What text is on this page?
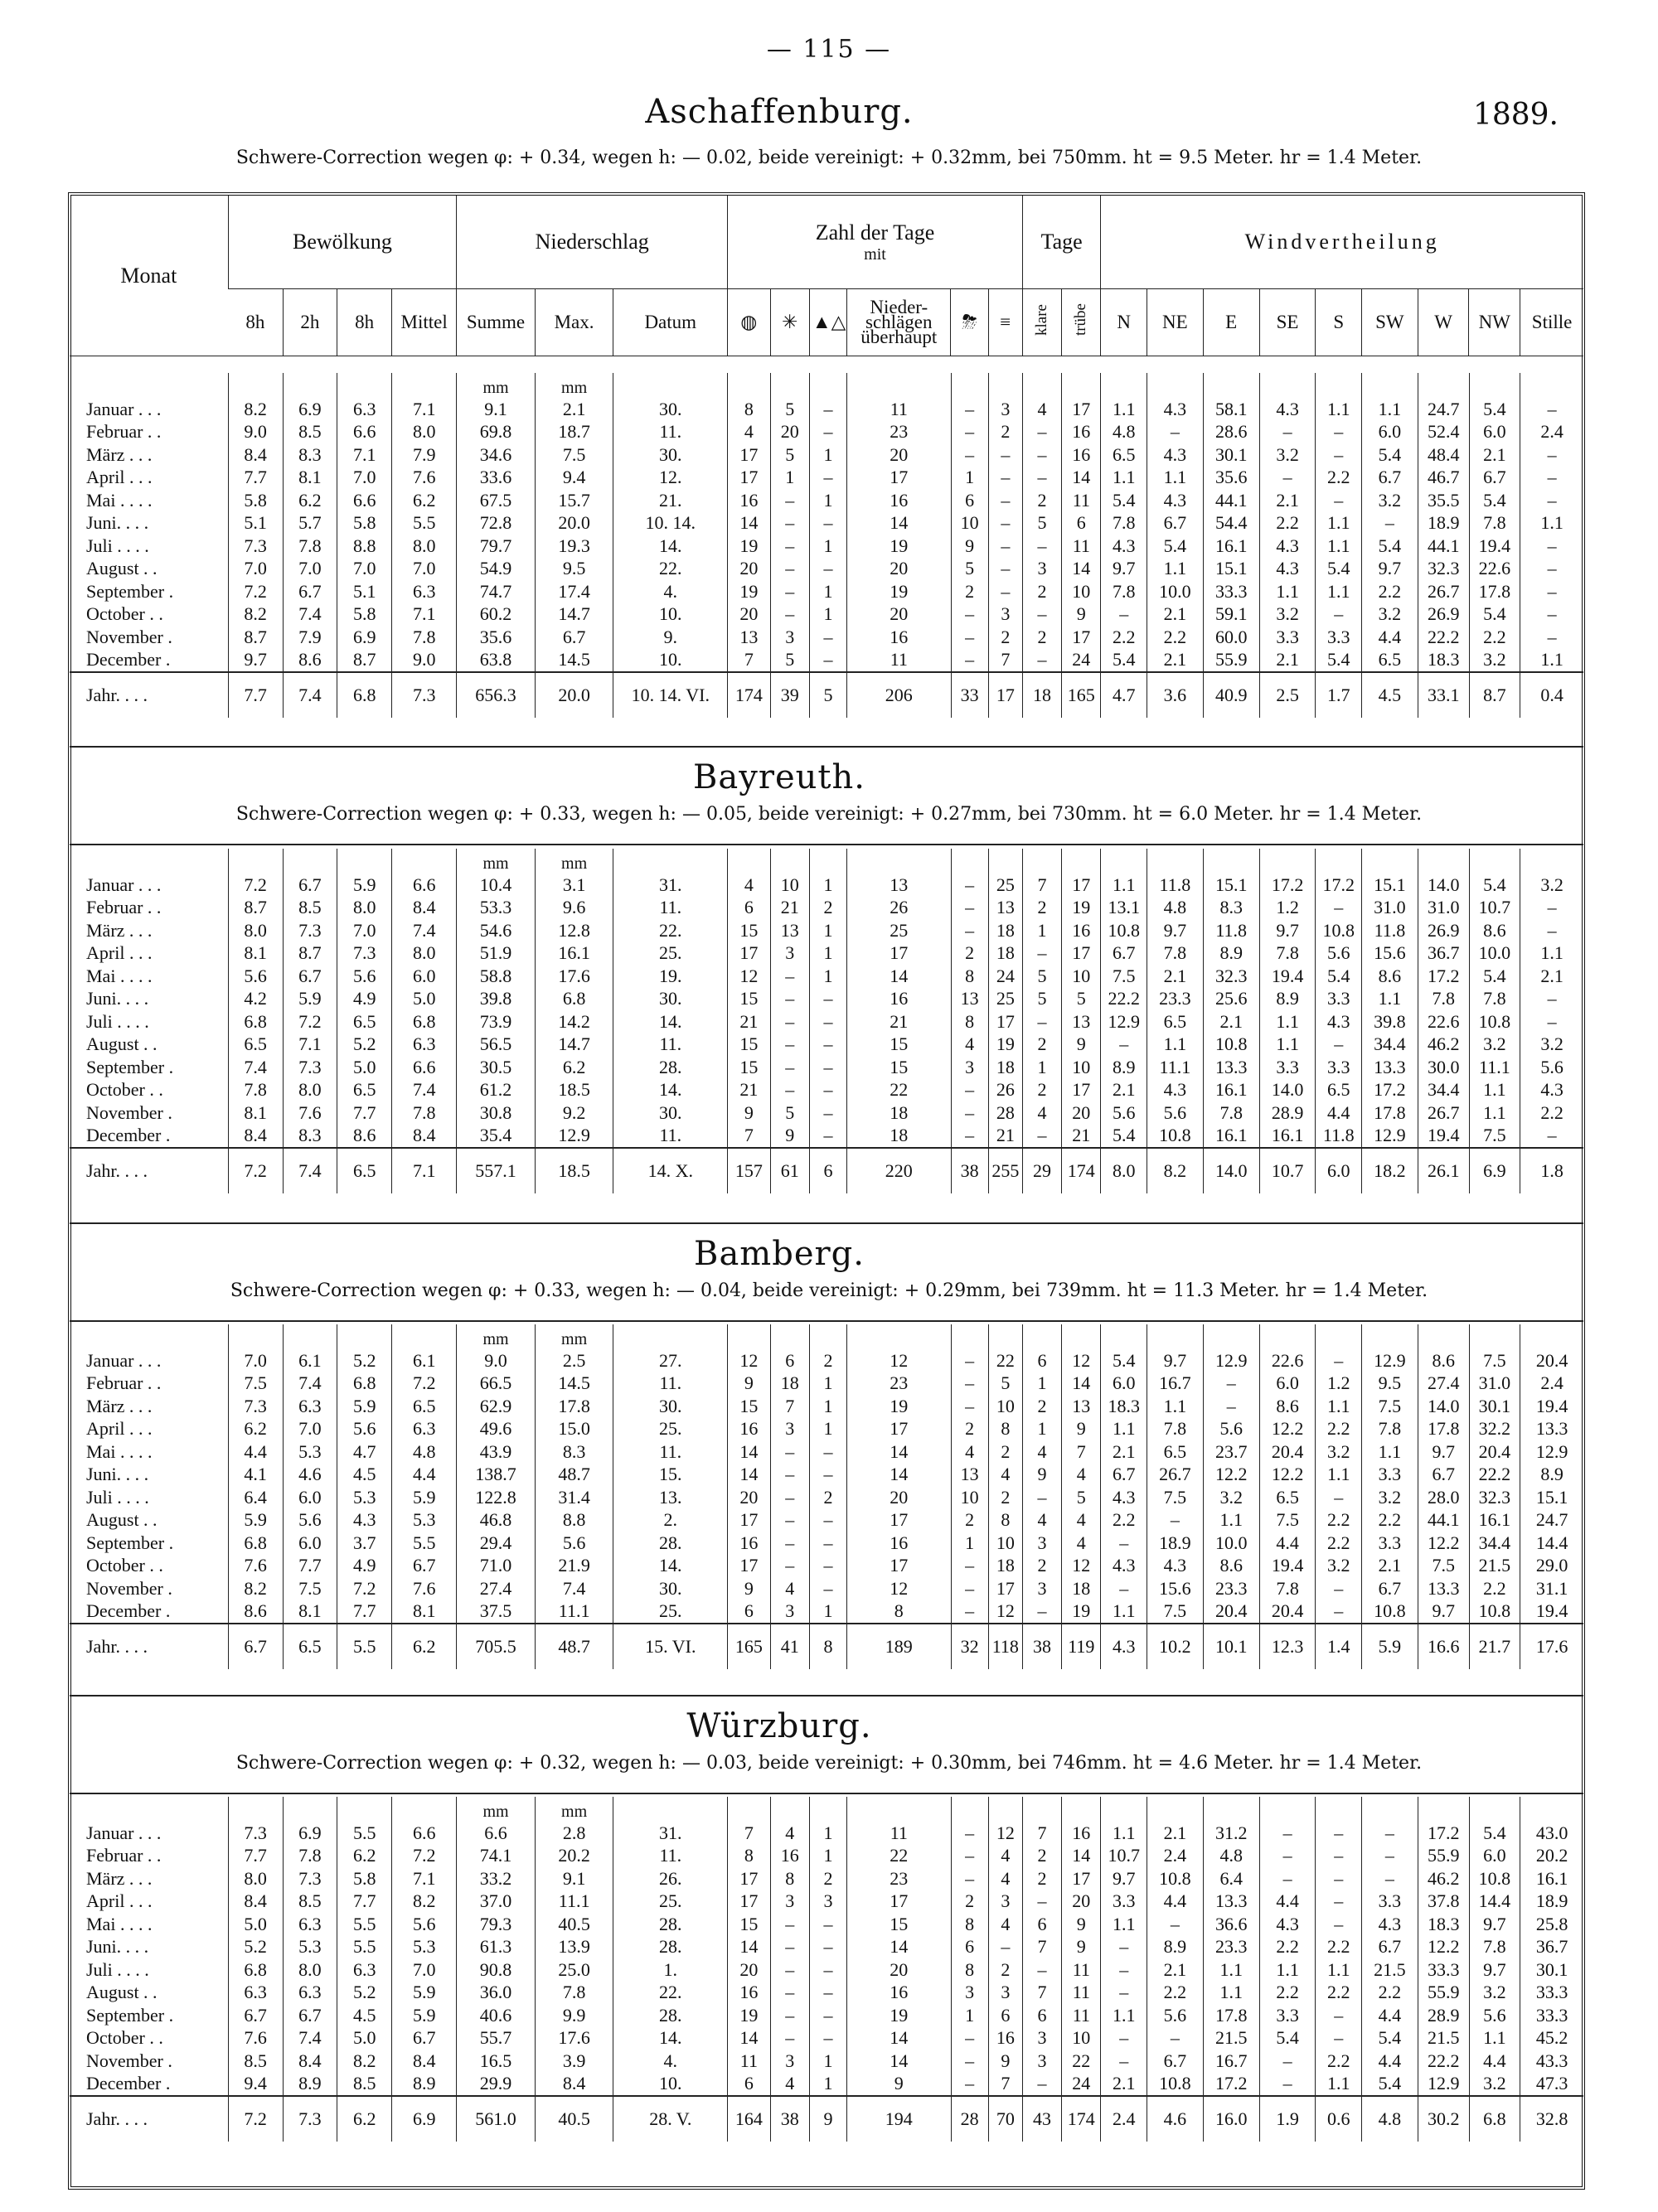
— 115 —
Aschaffenburg.	1889.
Schwere-Correction wegen φ: + 0.34, wegen h: — 0.02, beide vereinigt: + 0.32mm, bei 750mm. ht = 9.5 Meter. hr = 1.4 Meter.
Monat	Bewölkung				Niederschlag			Zahl der Tage
mit						Tage		Windvertheilung								
	8h	2h	8h	Mittel	Summe	Max.	Datum	◍	✳	▲△	Nieder- schlägen überhaupt	⛈	≡	klare	trübe	N	NE	E	SE	S	SW	W	NW	Stille
					mm	mm																		
Januar . . .	8.2	6.9	6.3	7.1	9.1	2.1	30.	8	5	–	11	–	3	4	17	1.1	4.3	58.1	4.3	1.1	1.1	24.7	5.4	–
Februar . .	9.0	8.5	6.6	8.0	69.8	18.7	11.	4	20	–	23	–	2	–	16	4.8	–	28.6	–	–	6.0	52.4	6.0	2.4
März . . .	8.4	8.3	7.1	7.9	34.6	7.5	30.	17	5	1	20	–	–	–	16	6.5	4.3	30.1	3.2	–	5.4	48.4	2.1	–
April . . .	7.7	8.1	7.0	7.6	33.6	9.4	12.	17	1	–	17	1	–	–	14	1.1	1.1	35.6	–	2.2	6.7	46.7	6.7	–
Mai . . . .	5.8	6.2	6.6	6.2	67.5	15.7	21.	16	–	1	16	6	–	2	11	5.4	4.3	44.1	2.1	–	3.2	35.5	5.4	–
Juni. . . .	5.1	5.7	5.8	5.5	72.8	20.0	10. 14.	14	–	–	14	10	–	5	6	7.8	6.7	54.4	2.2	1.1	–	18.9	7.8	1.1
Juli . . . .	7.3	7.8	8.8	8.0	79.7	19.3	14.	19	–	1	19	9	–	–	11	4.3	5.4	16.1	4.3	1.1	5.4	44.1	19.4	–
August . .	7.0	7.0	7.0	7.0	54.9	9.5	22.	20	–	–	20	5	–	3	14	9.7	1.1	15.1	4.3	5.4	9.7	32.3	22.6	–
September .	7.2	6.7	5.1	6.3	74.7	17.4	4.	19	–	1	19	2	–	2	10	7.8	10.0	33.3	1.1	1.1	2.2	26.7	17.8	–
October . .	8.2	7.4	5.8	7.1	60.2	14.7	10.	20	–	1	20	–	3	–	9	–	2.1	59.1	3.2	–	3.2	26.9	5.4	–
November .	8.7	7.9	6.9	7.8	35.6	6.7	9.	13	3	–	16	–	2	2	17	2.2	2.2	60.0	3.3	3.3	4.4	22.2	2.2	–
December .	9.7	8.6	8.7	9.0	63.8	14.5	10.	7	5	–	11	–	7	–	24	5.4	2.1	55.9	2.1	5.4	6.5	18.3	3.2	1.1
Jahr. . . .	7.7	7.4	6.8	7.3	656.3	20.0	10. 14. VI.	174	39	5	206	33	17	18	165	4.7	3.6	40.9	2.5	1.7	4.5	33.1	8.7	0.4
Bayreuth.
Schwere-Correction wegen φ: + 0.33, wegen h: — 0.05, beide vereinigt: + 0.27mm, bei 730mm. ht = 6.0 Meter. hr = 1.4 Meter.
					mm	mm																		
Januar . . .	7.2	6.7	5.9	6.6	10.4	3.1	31.	4	10	1	13	–	25	7	17	1.1	11.8	15.1	17.2	17.2	15.1	14.0	5.4	3.2
Februar . .	8.7	8.5	8.0	8.4	53.3	9.6	11.	6	21	2	26	–	13	2	19	13.1	4.8	8.3	1.2	–	31.0	31.0	10.7	–
März . . .	8.0	7.3	7.0	7.4	54.6	12.8	22.	15	13	1	25	–	18	1	16	10.8	9.7	11.8	9.7	10.8	11.8	26.9	8.6	–
April . . .	8.1	8.7	7.3	8.0	51.9	16.1	25.	17	3	1	17	2	18	–	17	6.7	7.8	8.9	7.8	5.6	15.6	36.7	10.0	1.1
Mai . . . .	5.6	6.7	5.6	6.0	58.8	17.6	19.	12	–	1	14	8	24	5	10	7.5	2.1	32.3	19.4	5.4	8.6	17.2	5.4	2.1
Juni. . . .	4.2	5.9	4.9	5.0	39.8	6.8	30.	15	–	–	16	13	25	5	5	22.2	23.3	25.6	8.9	3.3	1.1	7.8	7.8	–
Juli . . . .	6.8	7.2	6.5	6.8	73.9	14.2	14.	21	–	–	21	8	17	–	13	12.9	6.5	2.1	1.1	4.3	39.8	22.6	10.8	–
August . .	6.5	7.1	5.2	6.3	56.5	14.7	11.	15	–	–	15	4	19	2	9	–	1.1	10.8	1.1	–	34.4	46.2	3.2	3.2
September .	7.4	7.3	5.0	6.6	30.5	6.2	28.	15	–	–	15	3	18	1	10	8.9	11.1	13.3	3.3	3.3	13.3	30.0	11.1	5.6
October . .	7.8	8.0	6.5	7.4	61.2	18.5	14.	21	–	–	22	–	26	2	17	2.1	4.3	16.1	14.0	6.5	17.2	34.4	1.1	4.3
November .	8.1	7.6	7.7	7.8	30.8	9.2	30.	9	5	–	18	–	28	4	20	5.6	5.6	7.8	28.9	4.4	17.8	26.7	1.1	2.2
December .	8.4	8.3	8.6	8.4	35.4	12.9	11.	7	9	–	18	–	21	–	21	5.4	10.8	16.1	16.1	11.8	12.9	19.4	7.5	–
Jahr. . . .	7.2	7.4	6.5	7.1	557.1	18.5	14. X.	157	61	6	220	38	255	29	174	8.0	8.2	14.0	10.7	6.0	18.2	26.1	6.9	1.8
Bamberg.
Schwere-Correction wegen φ: + 0.33, wegen h: — 0.04, beide vereinigt: + 0.29mm, bei 739mm. ht = 11.3 Meter. hr = 1.4 Meter.
					mm	mm																		
Januar . . .	7.0	6.1	5.2	6.1	9.0	2.5	27.	12	6	2	12	–	22	6	12	5.4	9.7	12.9	22.6	–	12.9	8.6	7.5	20.4
Februar . .	7.5	7.4	6.8	7.2	66.5	14.5	11.	9	18	1	23	–	5	1	14	6.0	16.7	–	6.0	1.2	9.5	27.4	31.0	2.4
März . . .	7.3	6.3	5.9	6.5	62.9	17.8	30.	15	7	1	19	–	10	2	13	18.3	1.1	–	8.6	1.1	7.5	14.0	30.1	19.4
April . . .	6.2	7.0	5.6	6.3	49.6	15.0	25.	16	3	1	17	2	8	1	9	1.1	7.8	5.6	12.2	2.2	7.8	17.8	32.2	13.3
Mai . . . .	4.4	5.3	4.7	4.8	43.9	8.3	11.	14	–	–	14	4	2	4	7	2.1	6.5	23.7	20.4	3.2	1.1	9.7	20.4	12.9
Juni. . . .	4.1	4.6	4.5	4.4	138.7	48.7	15.	14	–	–	14	13	4	9	4	6.7	26.7	12.2	12.2	1.1	3.3	6.7	22.2	8.9
Juli . . . .	6.4	6.0	5.3	5.9	122.8	31.4	13.	20	–	2	20	10	2	–	5	4.3	7.5	3.2	6.5	–	3.2	28.0	32.3	15.1
August . .	5.9	5.6	4.3	5.3	46.8	8.8	2.	17	–	–	17	2	8	4	4	2.2	–	1.1	7.5	2.2	2.2	44.1	16.1	24.7
September .	6.8	6.0	3.7	5.5	29.4	5.6	28.	16	–	–	16	1	10	3	4	–	18.9	10.0	4.4	2.2	3.3	12.2	34.4	14.4
October . .	7.6	7.7	4.9	6.7	71.0	21.9	14.	17	–	–	17	–	18	2	12	4.3	4.3	8.6	19.4	3.2	2.1	7.5	21.5	29.0
November .	8.2	7.5	7.2	7.6	27.4	7.4	30.	9	4	–	12	–	17	3	18	–	15.6	23.3	7.8	–	6.7	13.3	2.2	31.1
December .	8.6	8.1	7.7	8.1	37.5	11.1	25.	6	3	1	8	–	12	–	19	1.1	7.5	20.4	20.4	–	10.8	9.7	10.8	19.4
Jahr. . . .	6.7	6.5	5.5	6.2	705.5	48.7	15. VI.	165	41	8	189	32	118	38	119	4.3	10.2	10.1	12.3	1.4	5.9	16.6	21.7	17.6
Würzburg.
Schwere-Correction wegen φ: + 0.32, wegen h: — 0.03, beide vereinigt: + 0.30mm, bei 746mm. ht = 4.6 Meter. hr = 1.4 Meter.
					mm	mm																		
Januar . . .	7.3	6.9	5.5	6.6	6.6	2.8	31.	7	4	1	11	–	12	7	16	1.1	2.1	31.2	–	–	–	17.2	5.4	43.0
Februar . .	7.7	7.8	6.2	7.2	74.1	20.2	11.	8	16	1	22	–	4	2	14	10.7	2.4	4.8	–	–	–	55.9	6.0	20.2
März . . .	8.0	7.3	5.8	7.1	33.2	9.1	26.	17	8	2	23	–	4	2	17	9.7	10.8	6.4	–	–	–	46.2	10.8	16.1
April . . .	8.4	8.5	7.7	8.2	37.0	11.1	25.	17	3	3	17	2	3	–	20	3.3	4.4	13.3	4.4	–	3.3	37.8	14.4	18.9
Mai . . . .	5.0	6.3	5.5	5.6	79.3	40.5	28.	15	–	–	15	8	4	6	9	1.1	–	36.6	4.3	–	4.3	18.3	9.7	25.8
Juni. . . .	5.2	5.3	5.5	5.3	61.3	13.9	28.	14	–	–	14	6	–	7	9	–	8.9	23.3	2.2	2.2	6.7	12.2	7.8	36.7
Juli . . . .	6.8	8.0	6.3	7.0	90.8	25.0	1.	20	–	–	20	8	2	–	11	–	2.1	1.1	1.1	1.1	21.5	33.3	9.7	30.1
August . .	6.3	6.3	5.2	5.9	36.0	7.8	22.	16	–	–	16	3	3	7	11	–	2.2	1.1	2.2	2.2	2.2	55.9	3.2	33.3
September .	6.7	6.7	4.5	5.9	40.6	9.9	28.	19	–	–	19	1	6	6	11	1.1	5.6	17.8	3.3	–	4.4	28.9	5.6	33.3
October . .	7.6	7.4	5.0	6.7	55.7	17.6	14.	14	–	–	14	–	16	3	10	–	–	21.5	5.4	–	5.4	21.5	1.1	45.2
November .	8.5	8.4	8.2	8.4	16.5	3.9	4.	11	3	1	14	–	9	3	22	–	6.7	16.7	–	2.2	4.4	22.2	4.4	43.3
December .	9.4	8.9	8.5	8.9	29.9	8.4	10.	6	4	1	9	–	7	–	24	2.1	10.8	17.2	–	1.1	5.4	12.9	3.2	47.3
Jahr. . . .	7.2	7.3	6.2	6.9	561.0	40.5	28. V.	164	38	9	194	28	70	43	174	2.4	4.6	16.0	1.9	0.6	4.8	30.2	6.8	32.8
